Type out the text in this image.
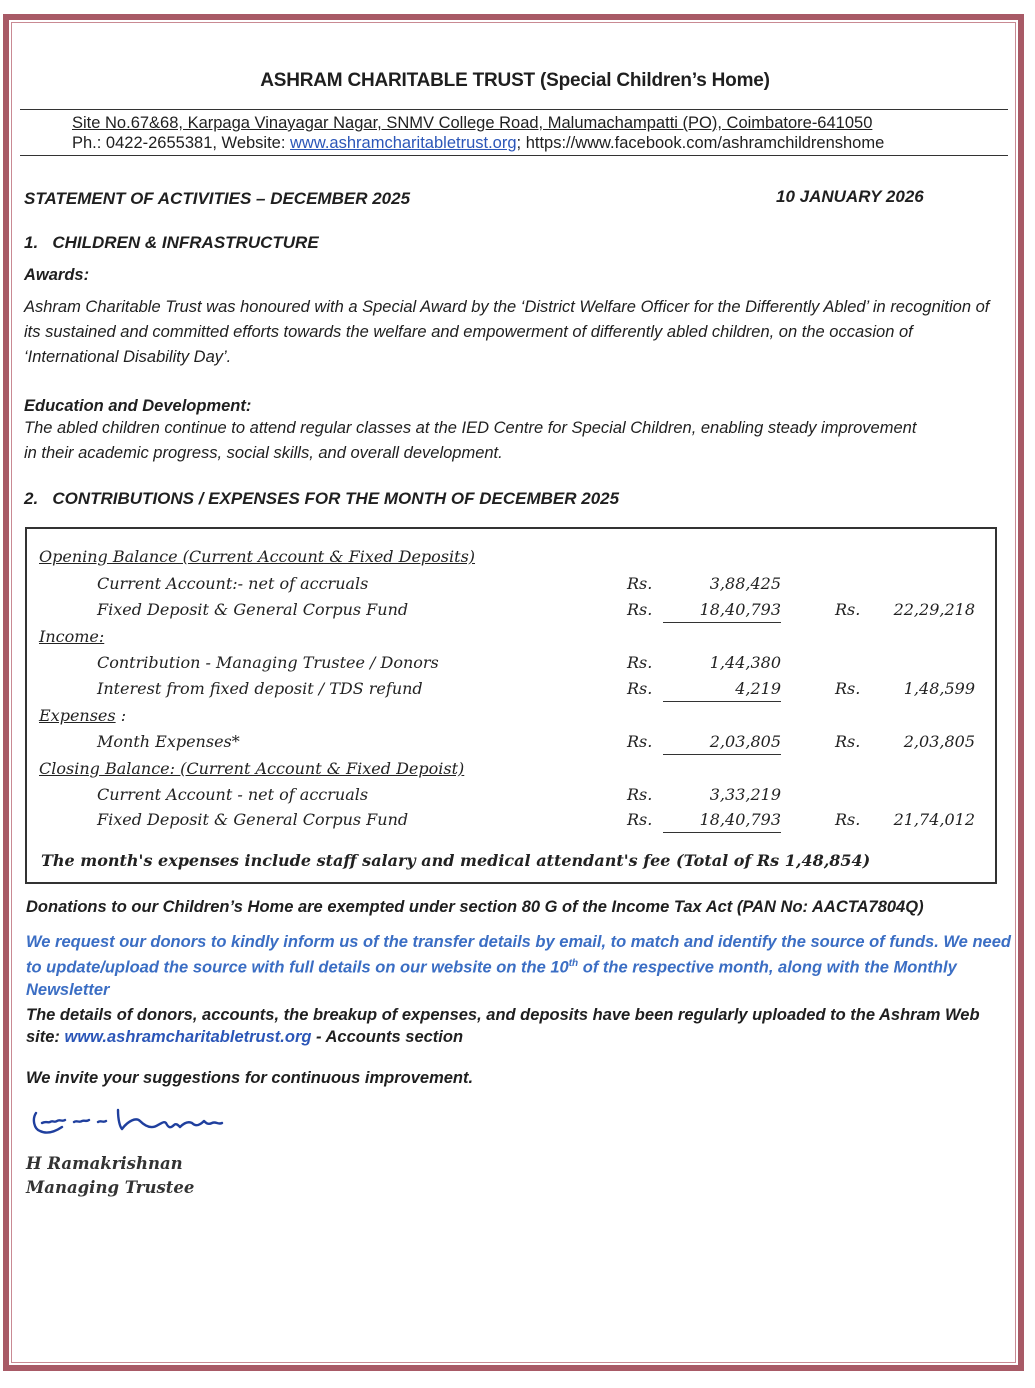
ASHRAM CHARITABLE TRUST (Special Children’s Home)
Site No.67&68, Karpaga Vinayagar Nagar, SNMV College Road, Malumachampatti (PO), Coimbatore-641050
Ph.: 0422-2655381, Website: www.ashramcharitabletrust.org; https://www.facebook.com/ashramchildrenshome
STATEMENT OF ACTIVITIES – DECEMBER 2025	10 JANUARY 2026
1.   CHILDREN & INFRASTRUCTURE
Awards:
Ashram Charitable Trust was honoured with a Special Award by the ‘District Welfare Officer for the Differently Abled’ in recognition of its sustained and committed efforts towards the welfare and empowerment of differently abled children, on the occasion of ‘International Disability Day’.
Education and Development:
The abled children continue to attend regular classes at the IED Centre for Special Children, enabling steady improvement in their academic progress, social skills, and overall development.
2.   CONTRIBUTIONS / EXPENSES FOR THE MONTH OF DECEMBER 2025
Opening Balance (Current Account & Fixed Deposits)
Current Account:- net of accruals	Rs.	3,88,425
Fixed Deposit & General Corpus Fund	Rs.	18,40,793	Rs.	22,29,218
Income:
Contribution - Managing Trustee / Donors	Rs.	1,44,380
Interest from fixed deposit / TDS refund	Rs.	4,219	Rs.	1,48,599
Expenses :
Month Expenses*	Rs.	2,03,805	Rs.	2,03,805
Closing Balance: (Current Account & Fixed Depoist)
Current Account - net of accruals	Rs.	3,33,219
Fixed Deposit & General Corpus Fund	Rs.	18,40,793	Rs.	21,74,012
The month's expenses include staff salary and medical attendant's fee (Total of Rs 1,48,854)
Donations to our Children’s Home are exempted under section 80 G of the Income Tax Act (PAN No: AACTA7804Q)
We request our donors to kindly inform us of the transfer details by email, to match and identify the source of funds. We need to update/upload the source with full details on our website on the 10th of the respective month, along with the Monthly Newsletter
The details of donors, accounts, the breakup of expenses, and deposits have been regularly uploaded to the Ashram Web site: www.ashramcharitabletrust.org - Accounts section
We invite your suggestions for continuous improvement.
H Ramakrishnan
Managing Trustee
